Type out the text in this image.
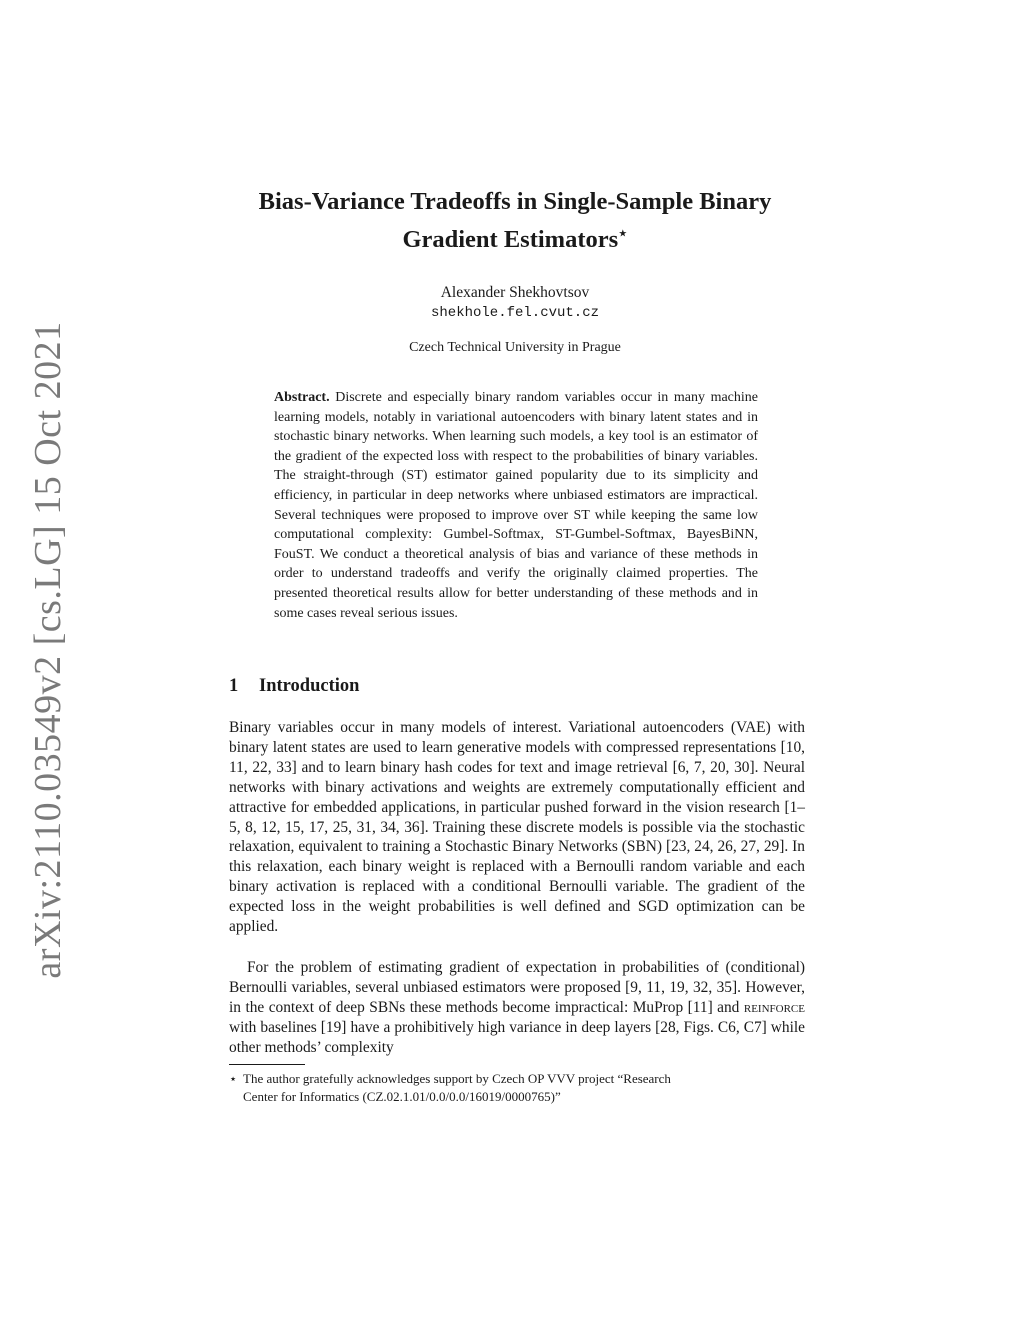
arXiv:2110.03549v2 [cs.LG] 15 Oct 2021
Bias-Variance Tradeoffs in Single-Sample Binary
Gradient Estimators⋆
Alexander Shekhovtsov
shekhole.fel.cvut.cz
Czech Technical University in Prague
Abstract. Discrete and especially binary random variables occur in many machine learning models, notably in variational autoencoders with binary latent states and in stochastic binary networks. When learning such models, a key tool is an estimator of the gradient of the expected loss with respect to the probabilities of binary variables. The straight-through (ST) estimator gained popularity due to its simplicity and efficiency, in particular in deep networks where unbiased estimators are impractical. Several techniques were proposed to improve over ST while keeping the same low computational complexity: Gumbel-Softmax, ST-Gumbel-Softmax, BayesBiNN, FouST. We conduct a theoretical analysis of bias and variance of these methods in order to understand tradeoffs and verify the originally claimed properties. The presented theoretical results allow for better understanding of these methods and in some cases reveal serious issues.
1 Introduction

Binary variables occur in many models of interest. Variational autoencoders (VAE) with binary latent states are used to learn generative models with compressed representations [10, 11, 22, 33] and to learn binary hash codes for text and image retrieval [6, 7, 20, 30]. Neural networks with binary activations and weights are extremely computationally efficient and attractive for embedded applications, in particular pushed forward in the vision research [1–5, 8, 12, 15, 17, 25, 31, 34, 36]. Training these discrete models is possible via the stochastic relaxation, equivalent to training a Stochastic Binary Networks (SBN) [23, 24, 26, 27, 29]. In this relaxation, each binary weight is replaced with a Bernoulli random variable and each binary activation is replaced with a conditional Bernoulli variable. The gradient of the expected loss in the weight probabilities is well defined and SGD optimization can be applied.

For the problem of estimating gradient of expectation in probabilities of (conditional) Bernoulli variables, several unbiased estimators were proposed [9, 11, 19, 32, 35]. However, in the context of deep SBNs these methods become impractical: MuProp [11] and reinforce with baselines [19] have a prohibitively high variance in deep layers [28, Figs. C6, C7] while other methods’ complexity

⋆ The author gratefully acknowledges support by Czech OP VVV project “Research
Center for Informatics (CZ.02.1.01/0.0/0.0/16019/0000765)”
